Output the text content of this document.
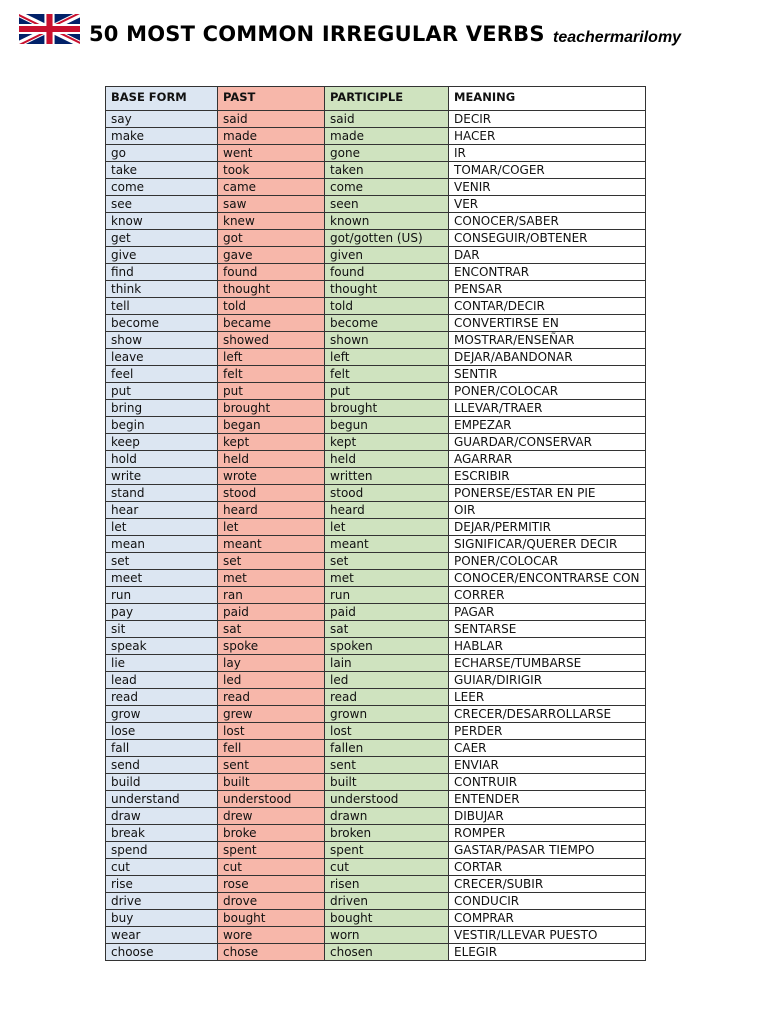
50 MOST COMMON IRREGULAR VERBS teachermarilomy
BASE FORM	PAST	PARTICIPLE	MEANING
say	said	said	DECIR
make	made	made	HACER
go	went	gone	IR
take	took	taken	TOMAR/COGER
come	came	come	VENIR
see	saw	seen	VER
know	knew	known	CONOCER/SABER
get	got	got/gotten (US)	CONSEGUIR/OBTENER
give	gave	given	DAR
find	found	found	ENCONTRAR
think	thought	thought	PENSAR
tell	told	told	CONTAR/DECIR
become	became	become	CONVERTIRSE EN
show	showed	shown	MOSTRAR/ENSEÑAR
leave	left	left	DEJAR/ABANDONAR
feel	felt	felt	SENTIR
put	put	put	PONER/COLOCAR
bring	brought	brought	LLEVAR/TRAER
begin	began	begun	EMPEZAR
keep	kept	kept	GUARDAR/CONSERVAR
hold	held	held	AGARRAR
write	wrote	written	ESCRIBIR
stand	stood	stood	PONERSE/ESTAR EN PIE
hear	heard	heard	OIR
let	let	let	DEJAR/PERMITIR
mean	meant	meant	SIGNIFICAR/QUERER DECIR
set	set	set	PONER/COLOCAR
meet	met	met	CONOCER/ENCONTRARSE CON
run	ran	run	CORRER
pay	paid	paid	PAGAR
sit	sat	sat	SENTARSE
speak	spoke	spoken	HABLAR
lie	lay	lain	ECHARSE/TUMBARSE
lead	led	led	GUIAR/DIRIGIR
read	read	read	LEER
grow	grew	grown	CRECER/DESARROLLARSE
lose	lost	lost	PERDER
fall	fell	fallen	CAER
send	sent	sent	ENVIAR
build	built	built	CONTRUIR
understand	understood	understood	ENTENDER
draw	drew	drawn	DIBUJAR
break	broke	broken	ROMPER
spend	spent	spent	GASTAR/PASAR TIEMPO
cut	cut	cut	CORTAR
rise	rose	risen	CRECER/SUBIR
drive	drove	driven	CONDUCIR
buy	bought	bought	COMPRAR
wear	wore	worn	VESTIR/LLEVAR PUESTO
choose	chose	chosen	ELEGIR
